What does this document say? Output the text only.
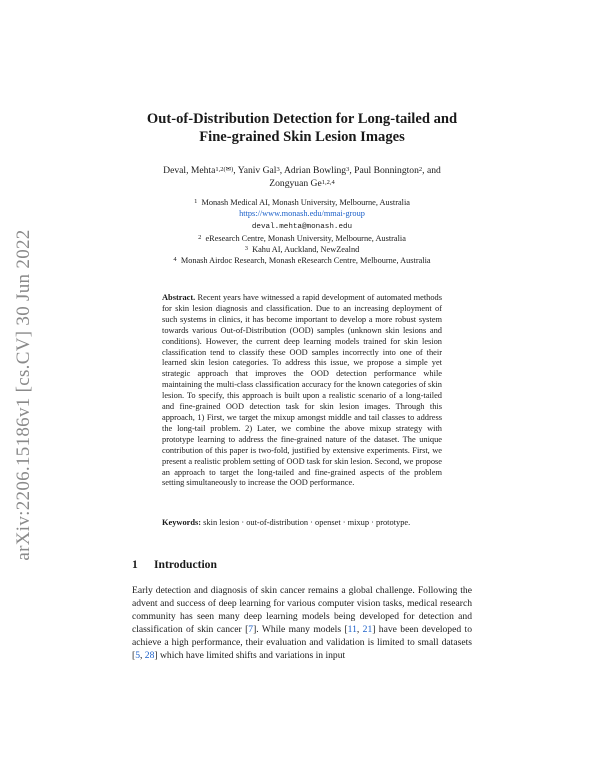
arXiv:2206.15186v1 [cs.CV] 30 Jun 2022
Out-of-Distribution Detection for Long-tailed and
Fine-grained Skin Lesion Images
Deval, Mehta$^{1,2(✉)}$, Yaniv Gal$^3$, Adrian Bowling$^3$, Paul Bonnington$^2$, and
Zongyuan Ge$^{1,2,4}$
$^1$ Monash Medical AI, Monash University, Melbourne, Australia
https://www.monash.edu/mmai-group
deval.mehta@monash.edu
$^2$ eResearch Centre, Monash University, Melbourne, Australia
$^3$ Kahu AI, Auckland, NewZealnd
$^4$ Monash Airdoc Research, Monash eResearch Centre, Melbourne, Australia
Abstract. Recent years have witnessed a rapid development of automated methods for skin lesion diagnosis and classification. Due to an increasing deployment of such systems in clinics, it has become important to develop a more robust system towards various Out-of-Distribution (OOD) samples (unknown skin lesions and conditions). However, the current deep learning models trained for skin lesion classification tend to classify these OOD samples incorrectly into one of their learned skin lesion categories. To address this issue, we propose a simple yet strategic approach that improves the OOD detection performance while maintaining the multi-class classification accuracy for the known categories of skin lesion. To specify, this approach is built upon a realistic scenario of a long-tailed and fine-grained OOD detection task for skin lesion images. Through this approach, 1) First, we target the mixup amongst middle and tail classes to address the long-tail problem. 2) Later, we combine the above mixup strategy with prototype learning to address the fine-grained nature of the dataset. The unique contribution of this paper is two-fold, justified by extensive experiments. First, we present a realistic problem setting of OOD task for skin lesion. Second, we propose an approach to target the long-tailed and fine-grained aspects of the problem setting simultaneously to increase the OOD performance.
Keywords: skin lesion · out-of-distribution · openset · mixup · prototype.
1 Introduction
Early detection and diagnosis of skin cancer remains a global challenge. Following the advent and success of deep learning for various computer vision tasks, medical research community has seen many deep learning models being developed for detection and classification of skin cancer [7]. While many models [11, 21] have been developed to achieve a high performance, their evaluation and validation is limited to small datasets [5, 28] which have limited shifts and variations in input
